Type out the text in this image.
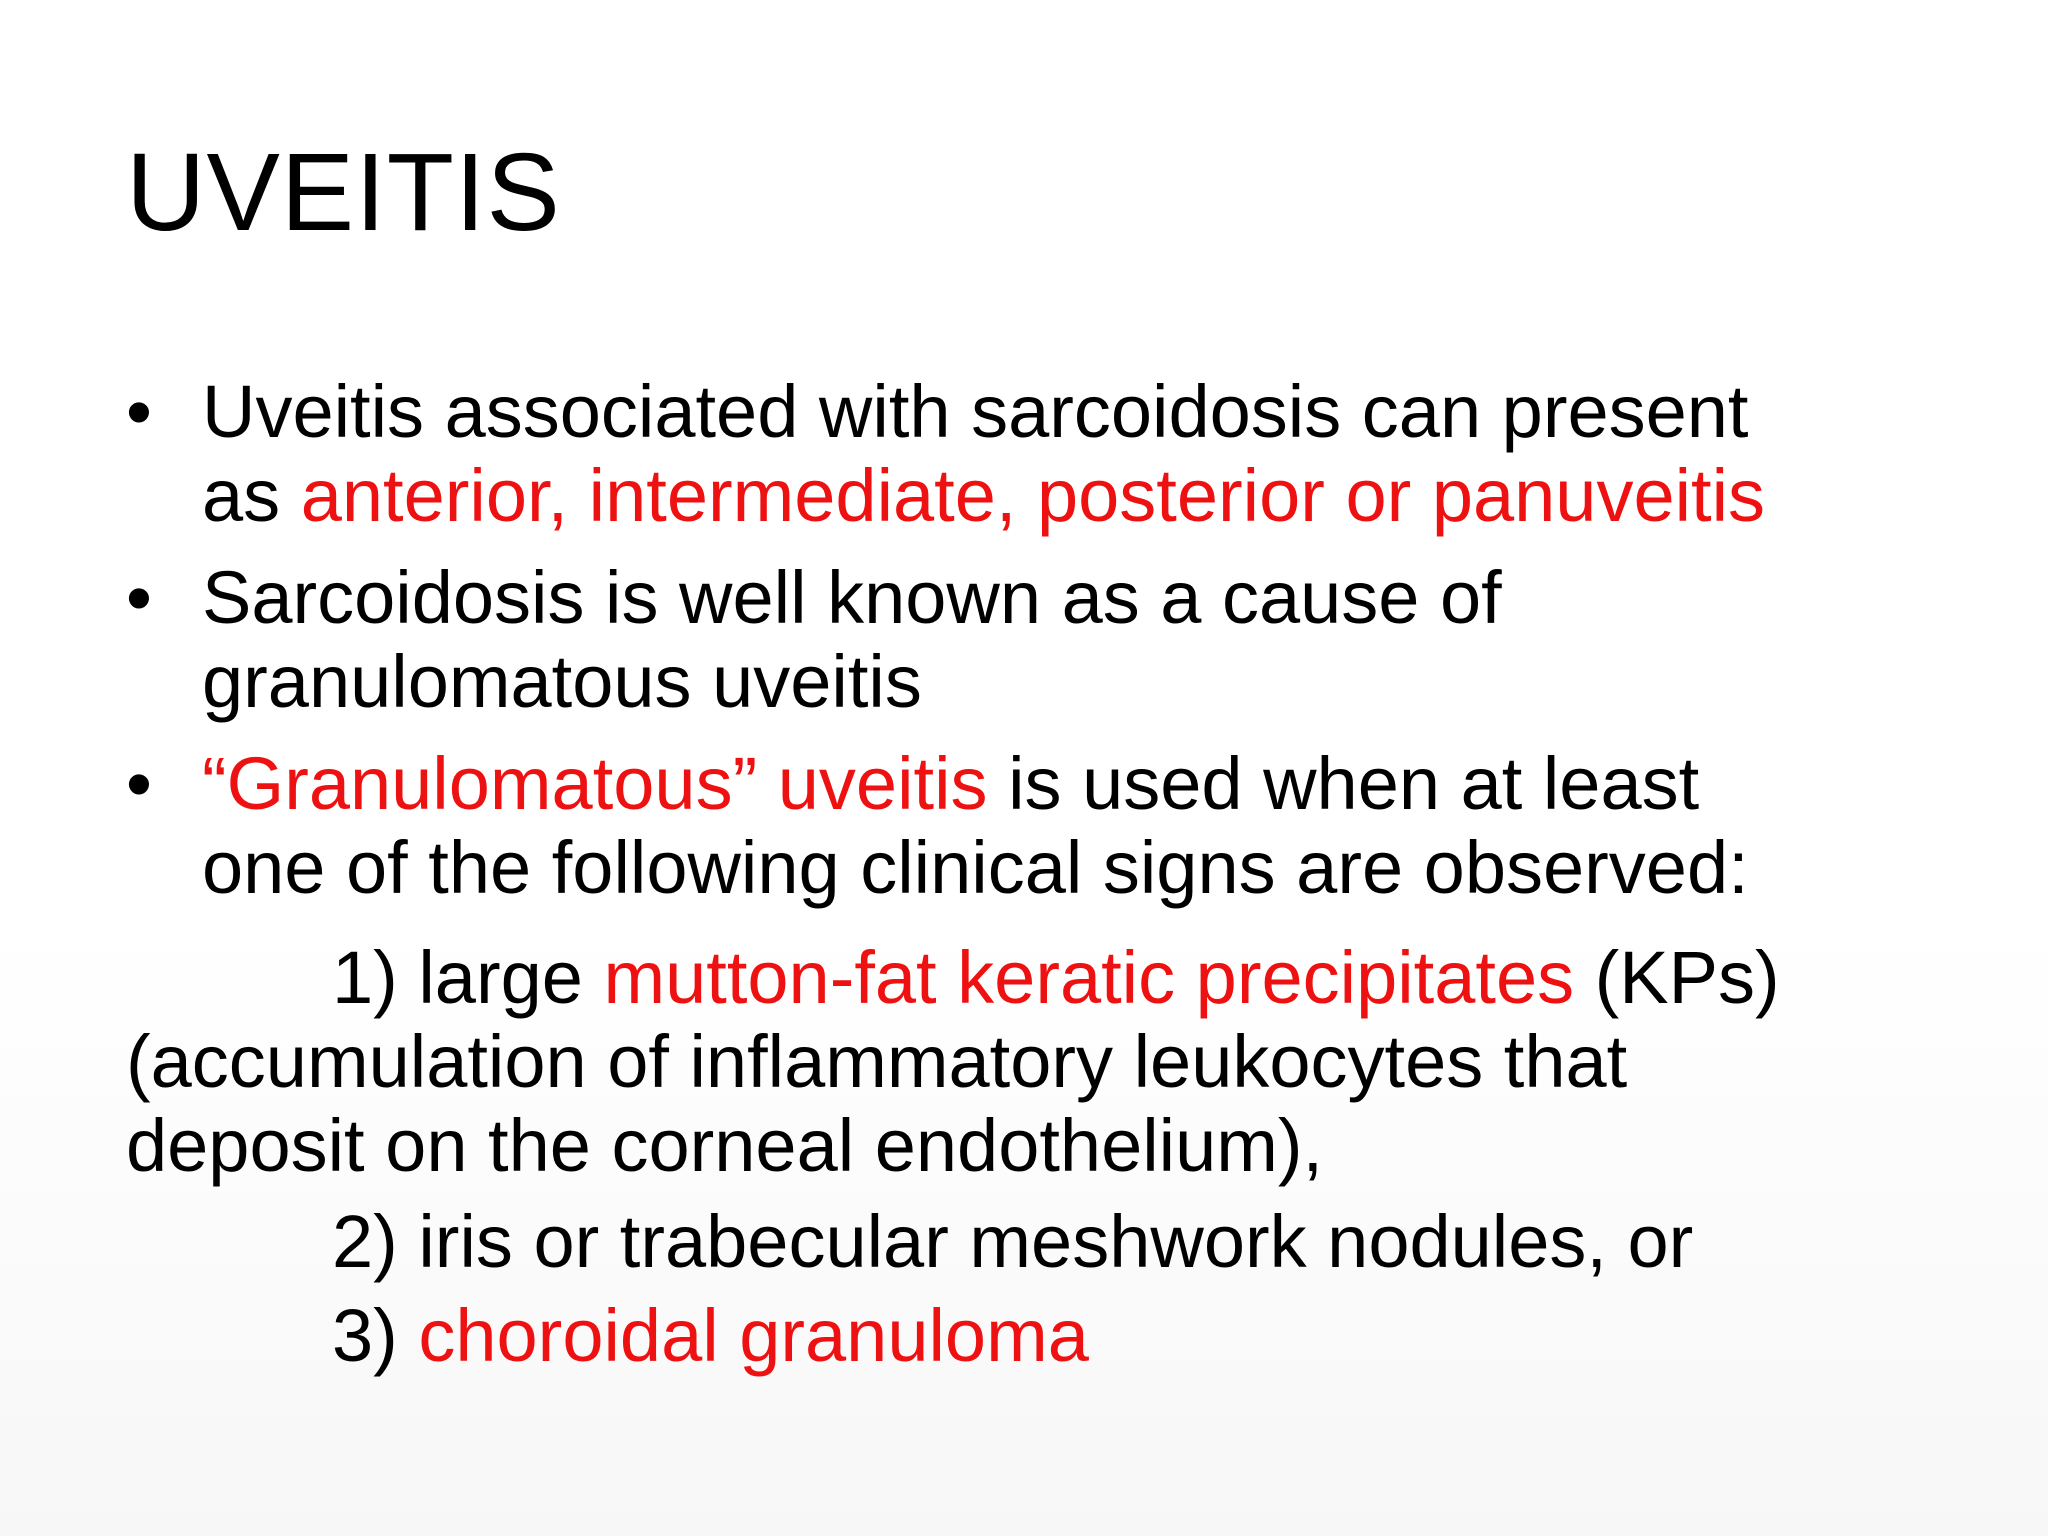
UVEITIS
• Uveitis associated with sarcoidosis can present
as anterior, intermediate, posterior or panuveitis
• Sarcoidosis is well known as a cause of
granulomatous uveitis
• “Granulomatous” uveitis is used when at least
one of the following clinical signs are observed:
1) large mutton-fat keratic precipitates (KPs)
(accumulation of inflammatory leukocytes that
deposit on the corneal endothelium),
2) iris or trabecular meshwork nodules, or
3) choroidal granuloma
